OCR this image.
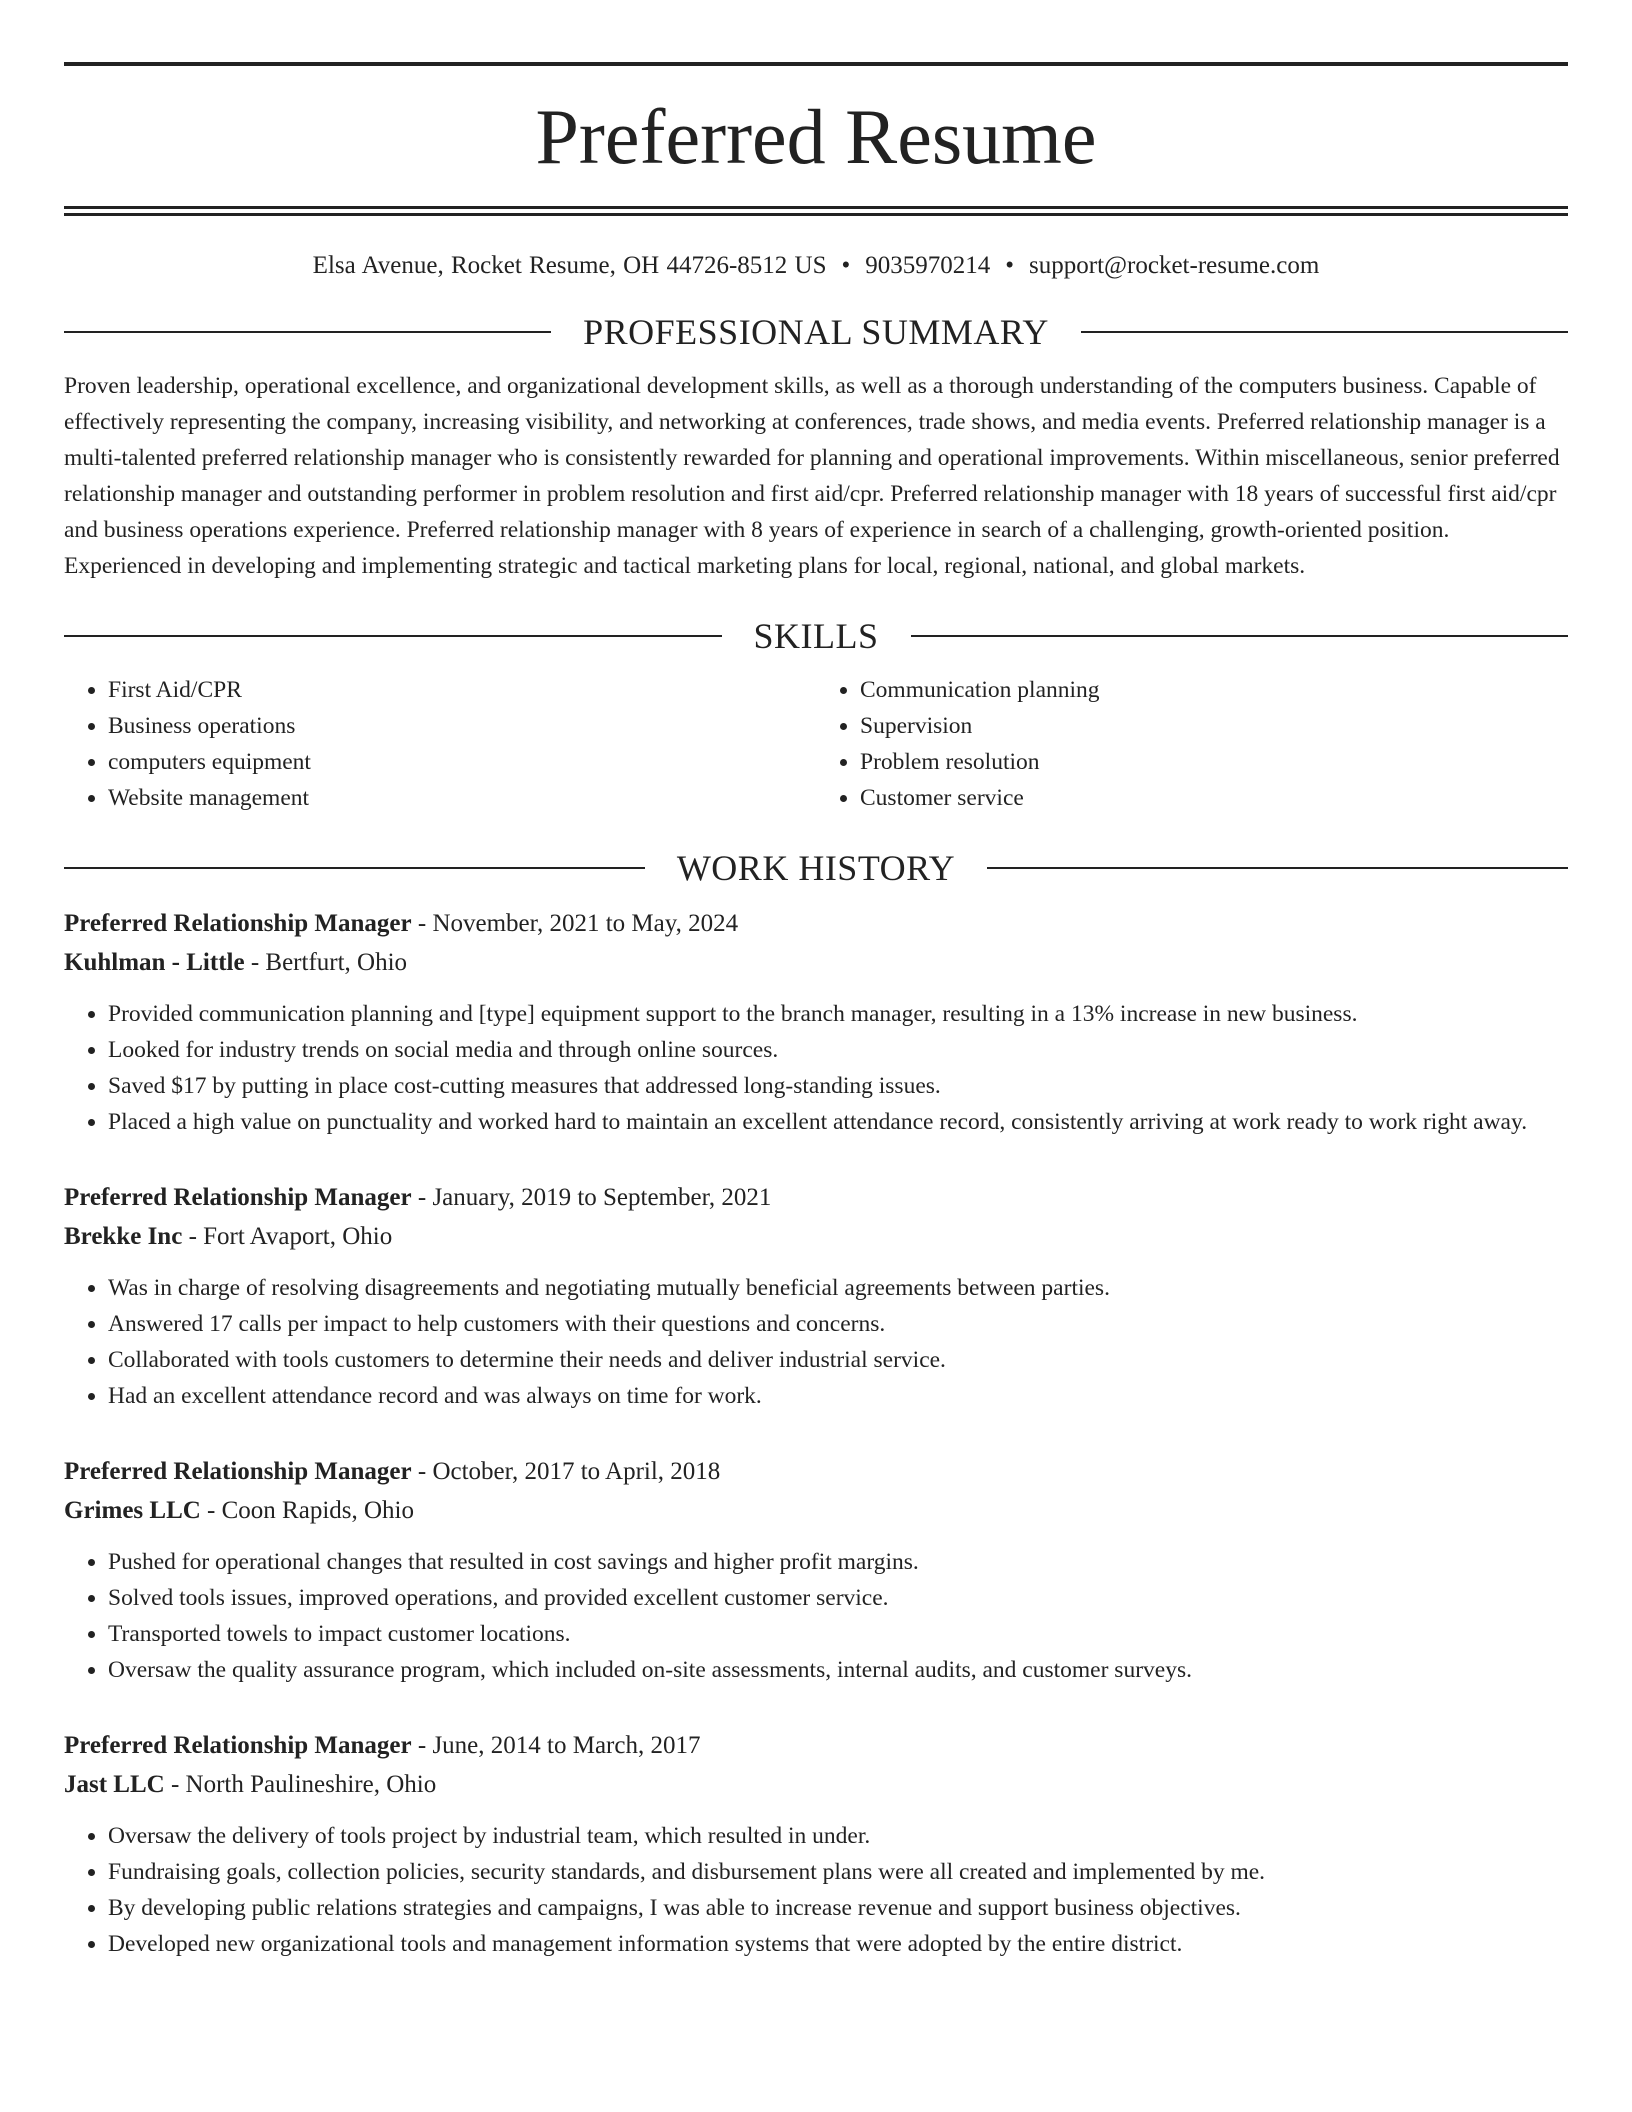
Preferred Resume
Elsa Avenue, Rocket Resume, OH 44726-8512 US • 9035970214 • support@rocket-resume.com
PROFESSIONAL SUMMARY
Proven leadership, operational excellence, and organizational development skills, as well as a thorough understanding of the computers business. Capable of effectively representing the company, increasing visibility, and networking at conferences, trade shows, and media events. Preferred relationship manager is a multi-talented preferred relationship manager who is consistently rewarded for planning and operational improvements. Within miscellaneous, senior preferred relationship manager and outstanding performer in problem resolution and first aid/cpr. Preferred relationship manager with 18 years of successful first aid/cpr and business operations experience. Preferred relationship manager with 8 years of experience in search of a challenging, growth-oriented position. Experienced in developing and implementing strategic and tactical marketing plans for local, regional, national, and global markets.
SKILLS
• First Aid/CPR
• Business operations
• computers equipment
• Website management
• Communication planning
• Supervision
• Problem resolution
• Customer service
WORK HISTORY
Preferred Relationship Manager - November, 2021 to May, 2024
Kuhlman - Little - Bertfurt, Ohio
• Provided communication planning and [type] equipment support to the branch manager, resulting in a 13% increase in new business.
• Looked for industry trends on social media and through online sources.
• Saved $17 by putting in place cost-cutting measures that addressed long-standing issues.
• Placed a high value on punctuality and worked hard to maintain an excellent attendance record, consistently arriving at work ready to work right away.
Preferred Relationship Manager - January, 2019 to September, 2021
Brekke Inc - Fort Avaport, Ohio
• Was in charge of resolving disagreements and negotiating mutually beneficial agreements between parties.
• Answered 17 calls per impact to help customers with their questions and concerns.
• Collaborated with tools customers to determine their needs and deliver industrial service.
• Had an excellent attendance record and was always on time for work.
Preferred Relationship Manager - October, 2017 to April, 2018
Grimes LLC - Coon Rapids, Ohio
• Pushed for operational changes that resulted in cost savings and higher profit margins.
• Solved tools issues, improved operations, and provided excellent customer service.
• Transported towels to impact customer locations.
• Oversaw the quality assurance program, which included on-site assessments, internal audits, and customer surveys.
Preferred Relationship Manager - June, 2014 to March, 2017
Jast LLC - North Paulineshire, Ohio
• Oversaw the delivery of tools project by industrial team, which resulted in under.
• Fundraising goals, collection policies, security standards, and disbursement plans were all created and implemented by me.
• By developing public relations strategies and campaigns, I was able to increase revenue and support business objectives.
• Developed new organizational tools and management information systems that were adopted by the entire district.
